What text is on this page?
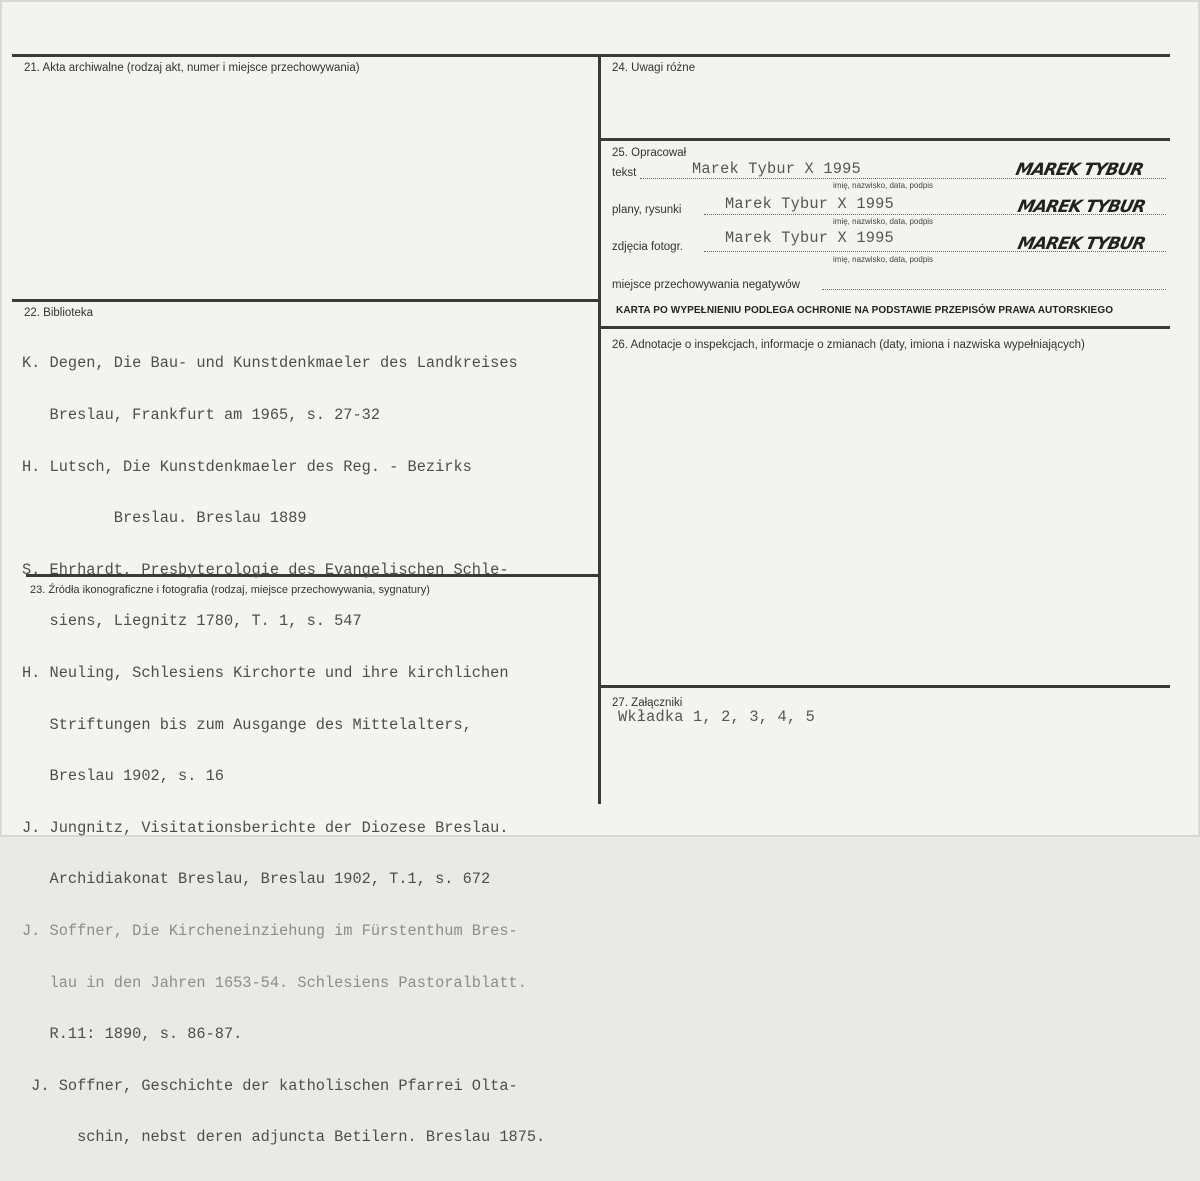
21. Akta archiwalne (rodzaj akt, numer i miejsce przechowywania)
22. Biblioteka

K. Degen, Die Bau- und Kunstdenkmaeler des Landkreises

Breslau, Frankfurt am 1965, s. 27-32

H. Lutsch, Die Kunstdenkmaeler des Reg. - Bezirks

Breslau. Breslau 1889

S. Ehrhardt, Presbyterologie des Evangelischen Schle-

siens, Liegnitz 1780, T. 1, s. 547

H. Neuling, Schlesiens Kirchorte und ihre kirchlichen

Striftungen bis zum Ausgange des Mittelalters,

Breslau 1902, s. 16

J. Jungnitz, Visitationsberichte der Diozese Breslau.

Archidiakonat Breslau, Breslau 1902, T.1, s. 672

J. Soffner, Die Kircheneinziehung im Fürstenthum Bres-

lau in den Jahren 1653-54. Schlesiens Pastoralblatt.

R.11: 1890, s. 86-87.

J. Soffner, Geschichte der katholischen Pfarrei Olta-

schin, nebst deren adjuncta Betilern. Breslau 1875.

23. Źródła ikonograficzne i fotografia (rodzaj, miejsce przechowywania, sygnatury)
24. Uwagi różne
25. Opracował
tekst	Marek Tybur X 1995
imię, nazwisko, data, podpis
MAREK TYBUR
plany, rysunki	Marek Tybur X 1995
imię, nazwisko, data, podpis
MAREK TYBUR
zdjęcia fotogr.	Marek Tybur X 1995
imię, nazwisko, data, podpis
MAREK TYBUR
miejsce przechowywania negatywów
KARTA PO WYPEŁNIENIU PODLEGA OCHRONIE NA PODSTAWIE PRZEPISÓW PRAWA AUTORSKIEGO
26. Adnotacje o inspekcjach, informacje o zmianach (daty, imiona i nazwiska wypełniających)
27. Załączniki
Wkładka 1, 2, 3, 4, 5
